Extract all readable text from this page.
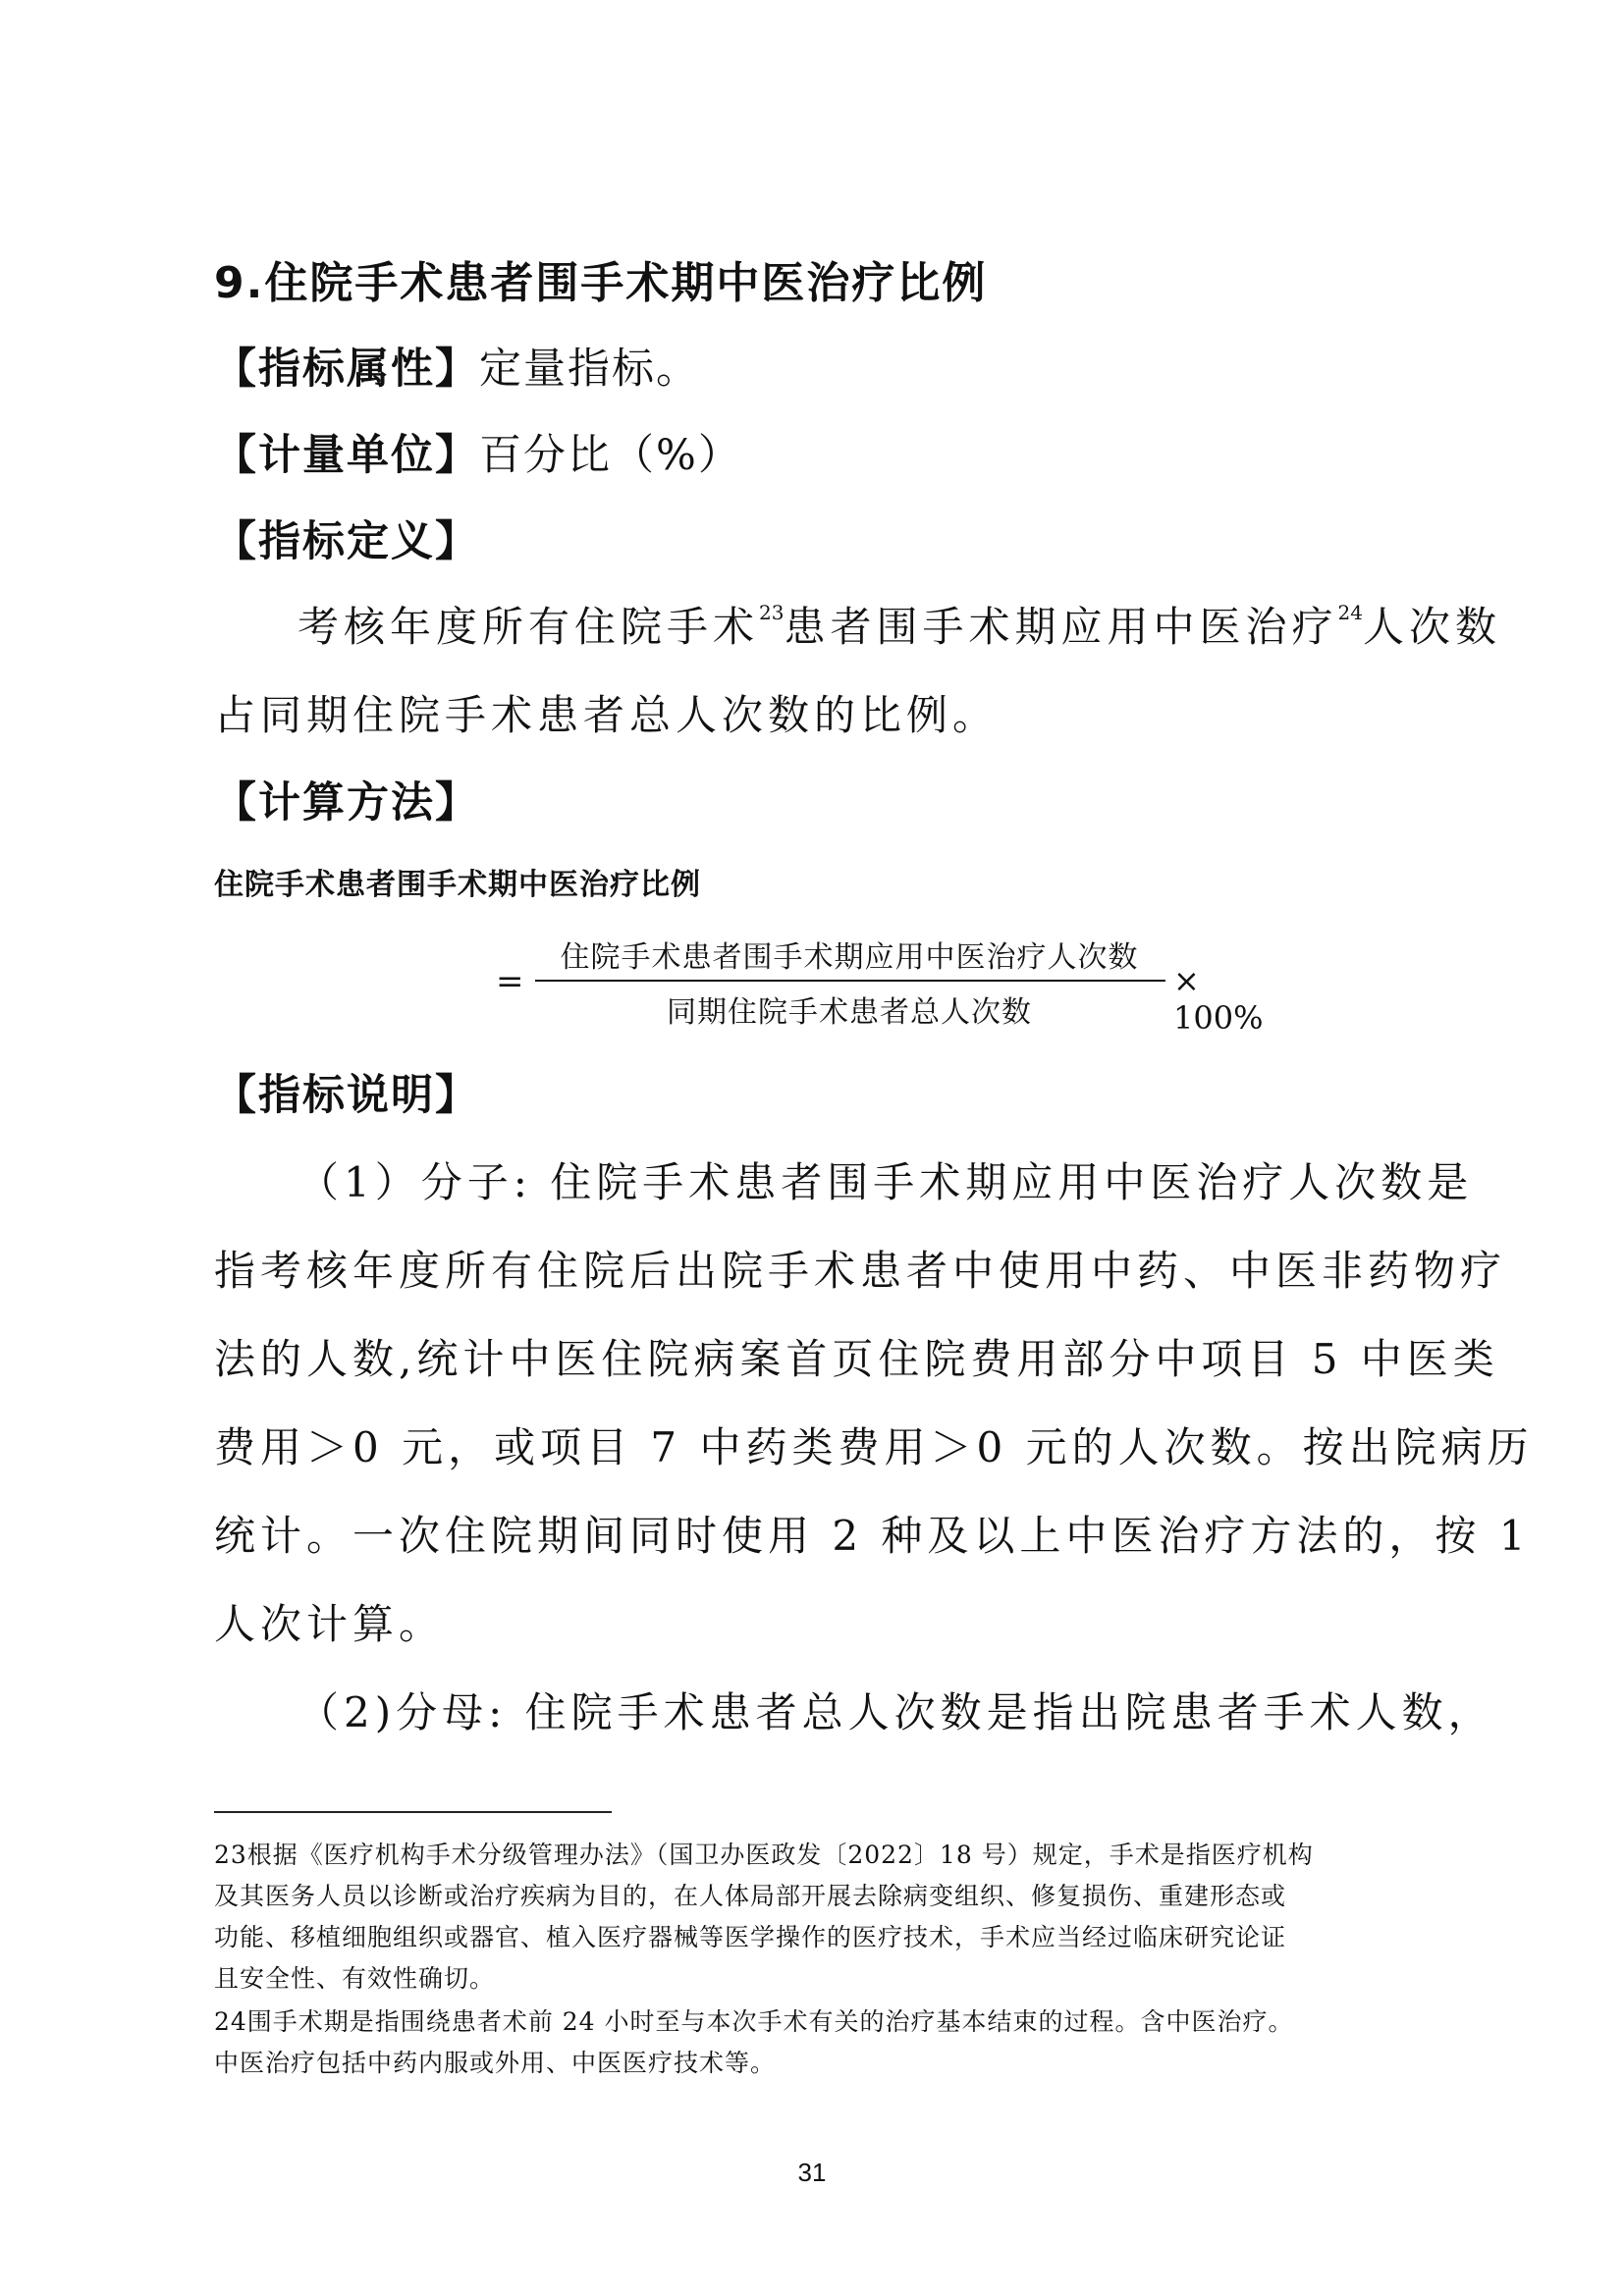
9.住院手术患者围手术期中医治疗比例
【指标属性】定量指标。
【计量单位】百分比（%）
【指标定义】
考核年度所有住院手术$^{23}$患者围手术期应用中医治疗$^{24}$人次数
占同期住院手术患者总人次数的比例。
【计算方法】
住院手术患者围手术期中医治疗比例
=
住院手术患者围手术期应用中医治疗人次数
同期住院手术患者总人次数
× 100%
【指标说明】
（1）分子: 住院手术患者围手术期应用中医治疗人次数是
指考核年度所有住院后出院手术患者中使用中药、中医非药物疗
法的人数,统计中医住院病案首页住院费用部分中项目 5 中医类
费用＞0 元，或项目 7 中药类费用＞0 元的人次数。按出院病历
统计。一次住院期间同时使用 2 种及以上中医治疗方法的，按 1
人次计算。
（2)分母: 住院手术患者总人次数是指出院患者手术人数，
23根据《医疗机构手术分级管理办法》（国卫办医政发〔2022〕18 号）规定，手术是指医疗机构
及其医务人员以诊断或治疗疾病为目的，在人体局部开展去除病变组织、修复损伤、重建形态或
功能、移植细胞组织或器官、植入医疗器械等医学操作的医疗技术，手术应当经过临床研究论证
且安全性、有效性确切。
24围手术期是指围绕患者术前 24 小时至与本次手术有关的治疗基本结束的过程。含中医治疗。
中医治疗包括中药内服或外用、中医医疗技术等。
31
